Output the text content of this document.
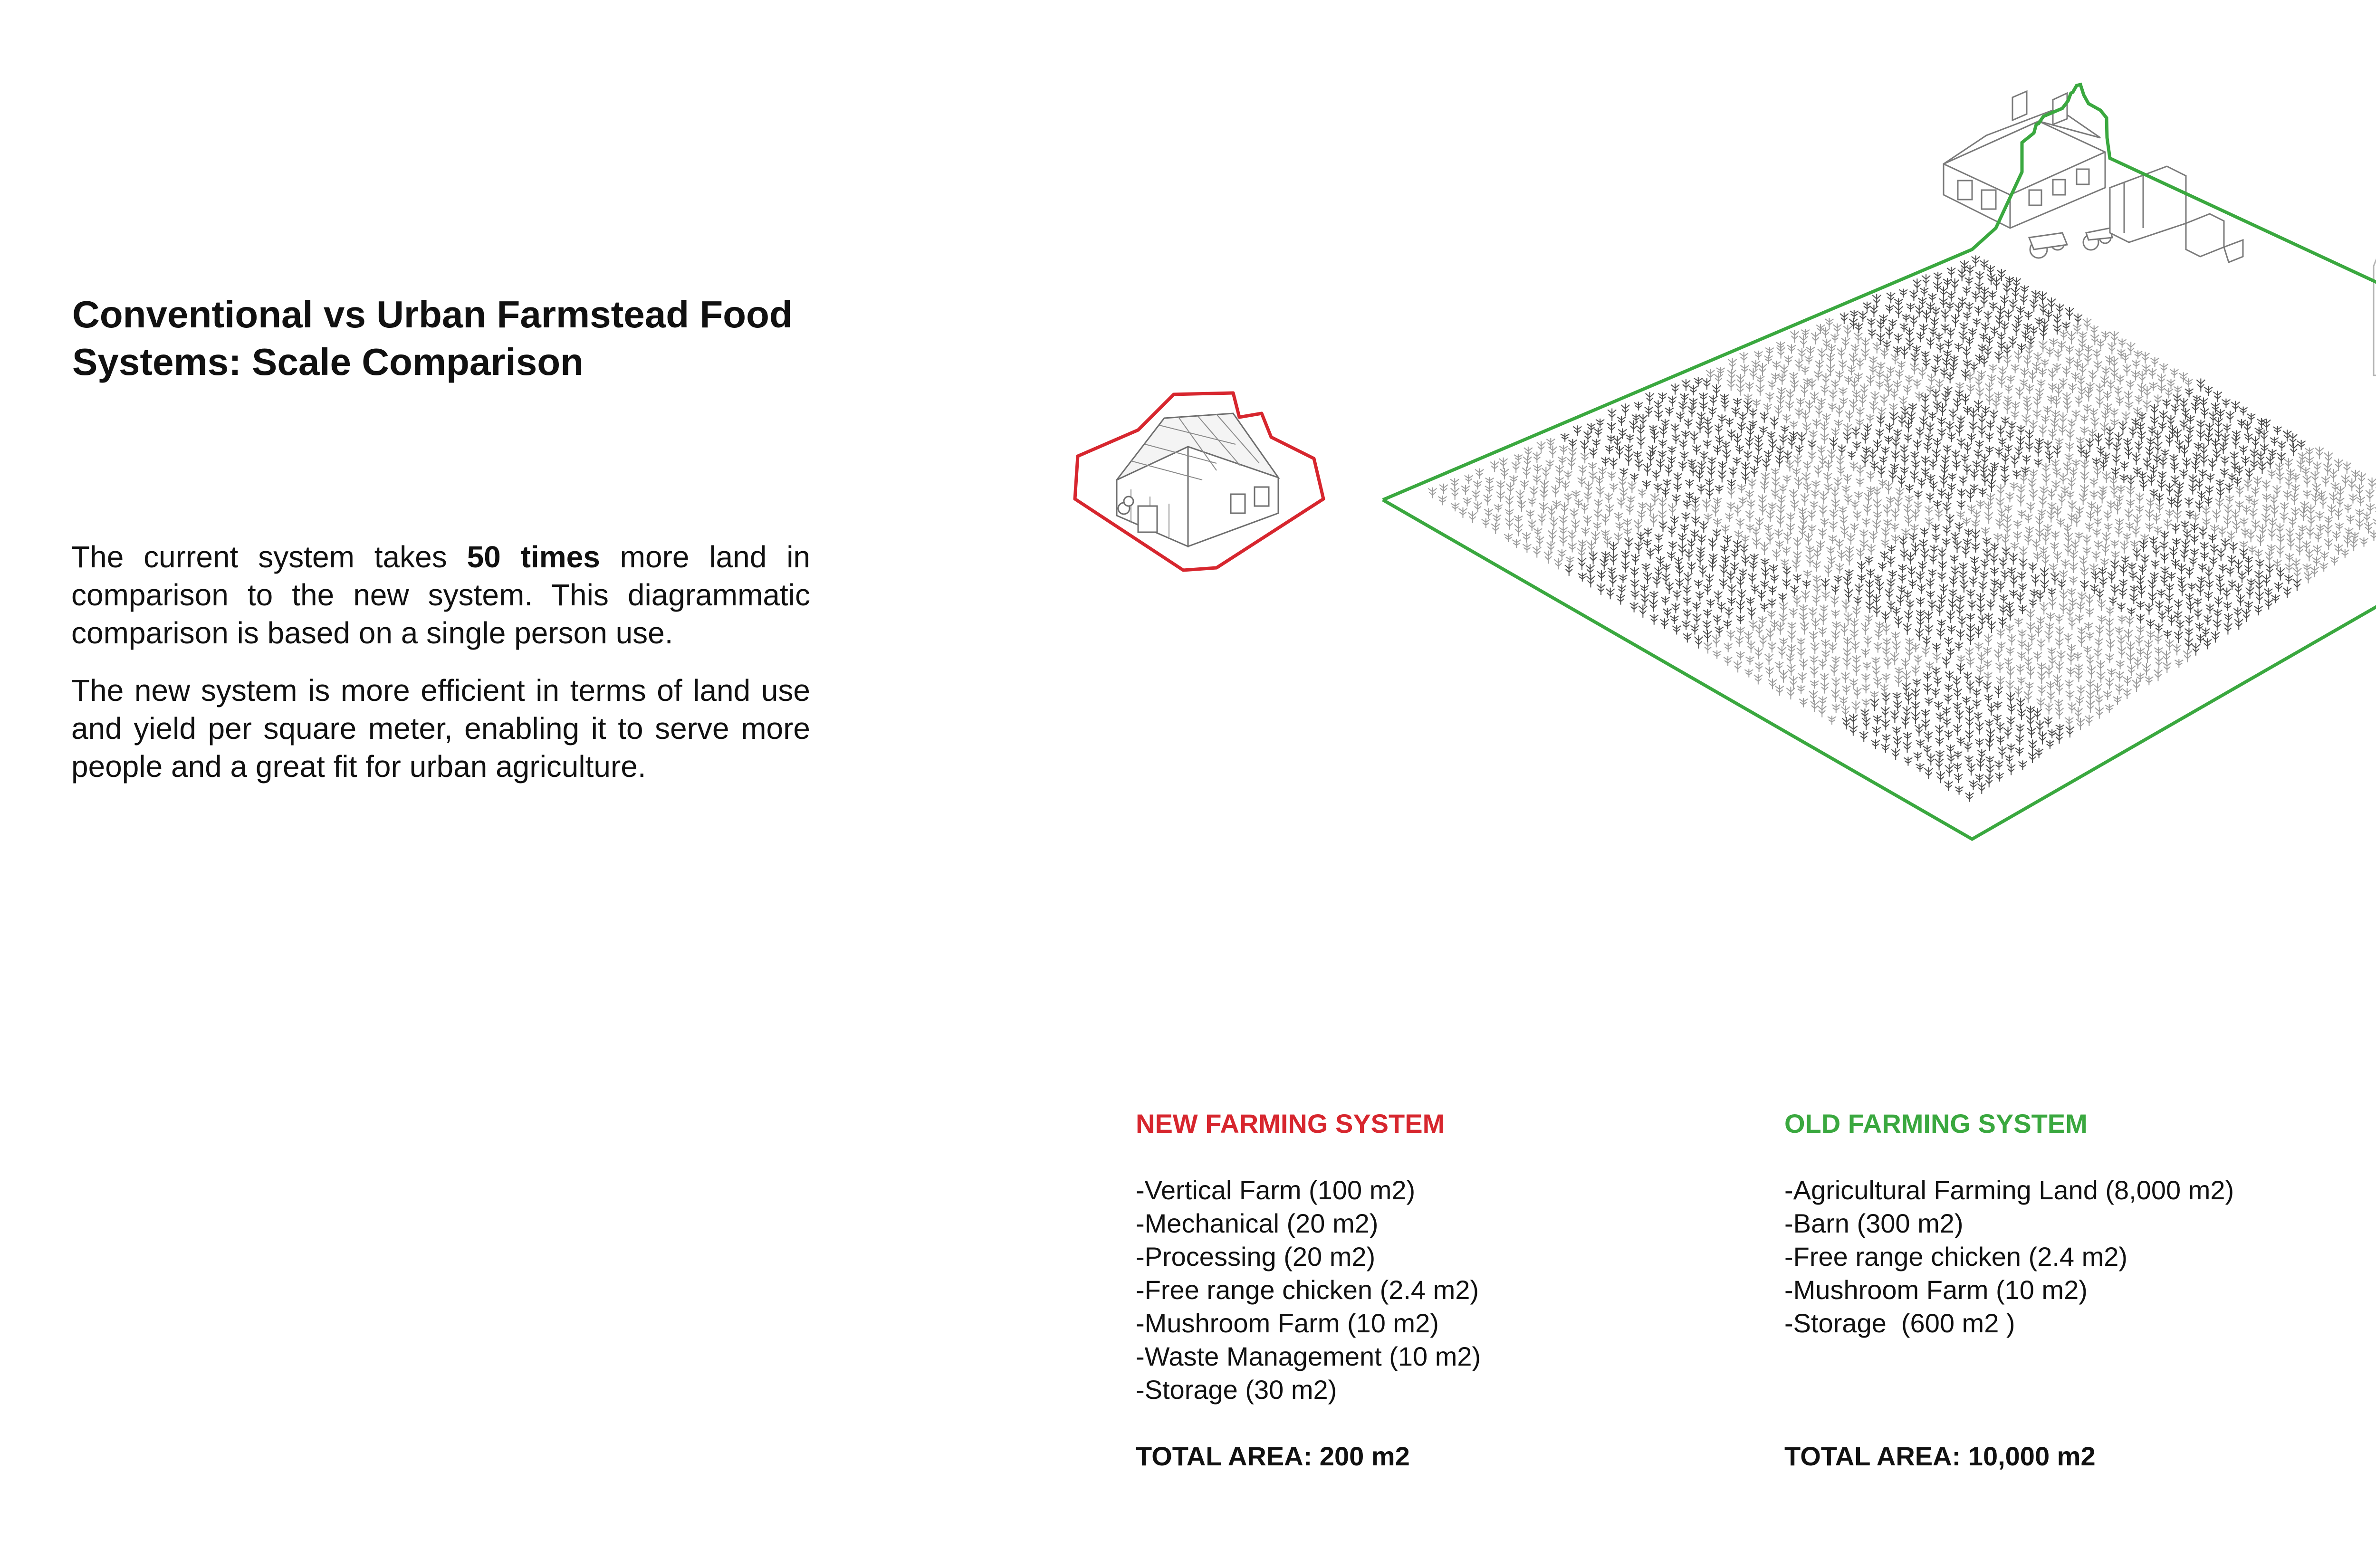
Conventional vs Urban Farmstead Food Systems: Scale Comparison

The current system takes 50 times more land in comparison to the new system. This diagrammatic comparison is based on a single person use.

The new system is more efficient in terms of land use and yield per square meter, enabling it to serve more people and a great fit for urban agriculture.

NEW FARMING SYSTEM
-Vertical Farm (100 m2)
-Mechanical (20 m2)
-Processing (20 m2)
-Free range chicken (2.4 m2)
-Mushroom Farm (10 m2)
-Waste Management (10 m2)
-Storage (30 m2)
TOTAL AREA: 200 m2
OLD FARMING SYSTEM
-Agricultural Farming Land (8,000 m2)
-Barn (300 m2)
-Free range chicken (2.4 m2)
-Mushroom Farm (10 m2)
-Storage  (600 m2 )
TOTAL AREA: 10,000 m2
